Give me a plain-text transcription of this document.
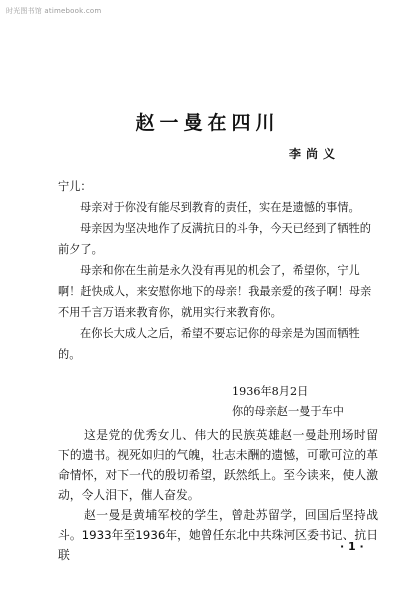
时光图书馆 atimebook.com
赵一曼在四川
李尚义

宁儿：

母亲对于你没有能尽到教育的责任，实在是遗憾的事情。

母亲因为坚决地作了反满抗日的斗争，今天已经到了牺牲的前夕了。

母亲和你在生前是永久没有再见的机会了，希望你，宁儿啊！赶快成人，来安慰你地下的母亲！我最亲爱的孩子啊！母亲不用千言万语来教育你，就用实行来教育你。

在你长大成人之后，希望不要忘记你的母亲是为国而牺牲的。

1936年8月2日
你的母亲赵一曼于车中

这是党的优秀女儿、伟大的民族英雄赵一曼赴刑场时留下的遗书。视死如归的气魄，壮志未酬的遗憾，可歌可泣的革命情怀，对下一代的殷切希望，跃然纸上。至今读来，使人激动，令人泪下，催人奋发。

赵一曼是黄埔军校的学生，曾赴苏留学，回国后坚持战斗。1933年至1936年，她曾任东北中共珠河区委书记、抗日联

· 1 ·
